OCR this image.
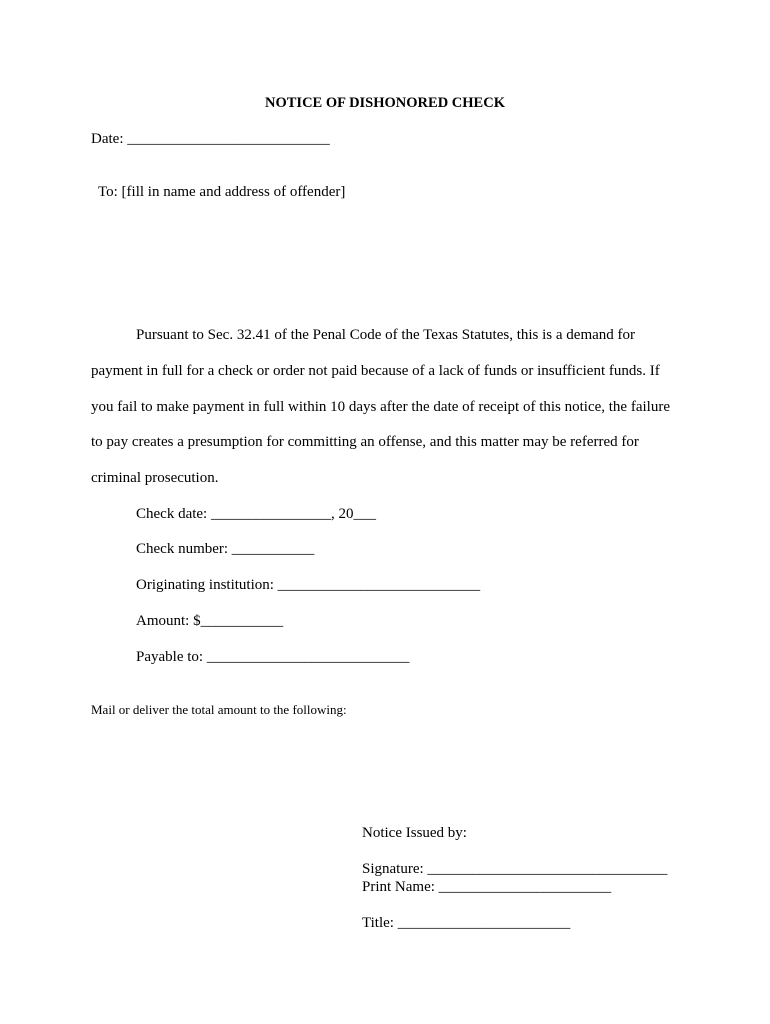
NOTICE OF DISHONORED CHECK
Date: ___________________________
To: [fill in name and address of offender]
Pursuant to Sec. 32.41 of the Penal Code of the Texas Statutes, this is a demand for
payment in full for a check or order not paid because of a lack of funds or insufficient funds. If
you fail to make payment in full within 10 days after the date of receipt of this notice, the failure
to pay creates a presumption for committing an offense, and this matter may be referred for
criminal prosecution.
Check date: ________________, 20___
Check number: ___________
Originating institution: ___________________________
Amount: $___________
Payable to: ___________________________
Mail or deliver the total amount to the following:
Notice Issued by:
Signature: ________________________________
Print Name: _______________________
Title: _______________________
